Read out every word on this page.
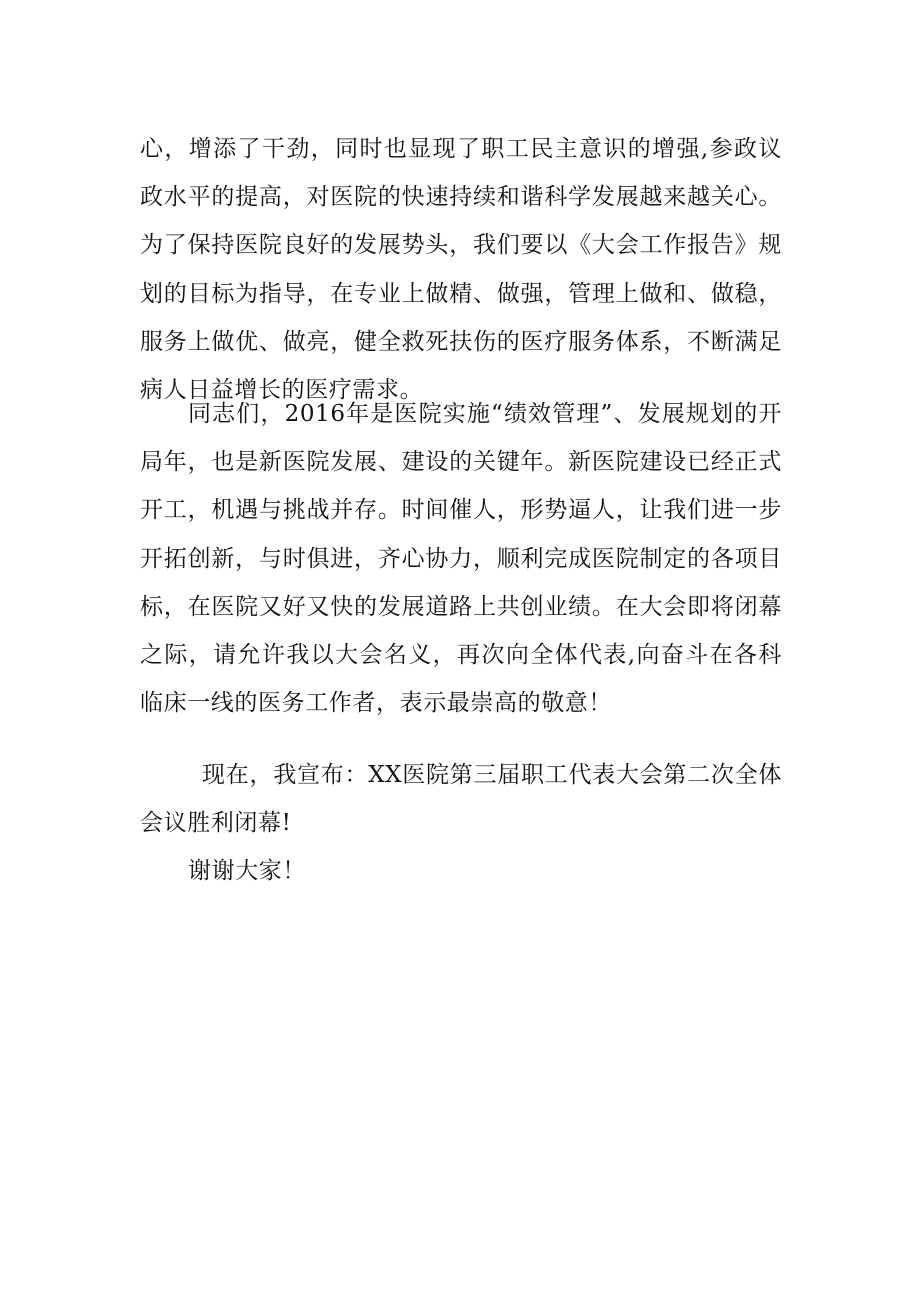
心，增添了干劲，同时也显现了职工民主意识的增强,参政议政水平的提高，对医院的快速持续和谐科学发展越来越关心。为了保持医院良好的发展势头，我们要以《大会工作报告》规划的目标为指导，在专业上做精、做强，管理上做和、做稳，服务上做优、做亮，健全救死扶伤的医疗服务体系，不断满足病人日益增长的医疗需求。

同志们，2016年是医院实施“绩效管理”、发展规划的开局年，也是新医院发展、建设的关键年。新医院建设已经正式开工，机遇与挑战并存。时间催人，形势逼人，让我们进一步开拓创新，与时俱进，齐心协力，顺利完成医院制定的各项目标，在医院又好又快的发展道路上共创业绩。在大会即将闭幕之际，请允许我以大会名义，再次向全体代表,向奋斗在各科临床一线的医务工作者，表示最崇高的敬意！

现在，我宣布：XX医院第三届职工代表大会第二次全体会议胜利闭幕!

谢谢大家！
